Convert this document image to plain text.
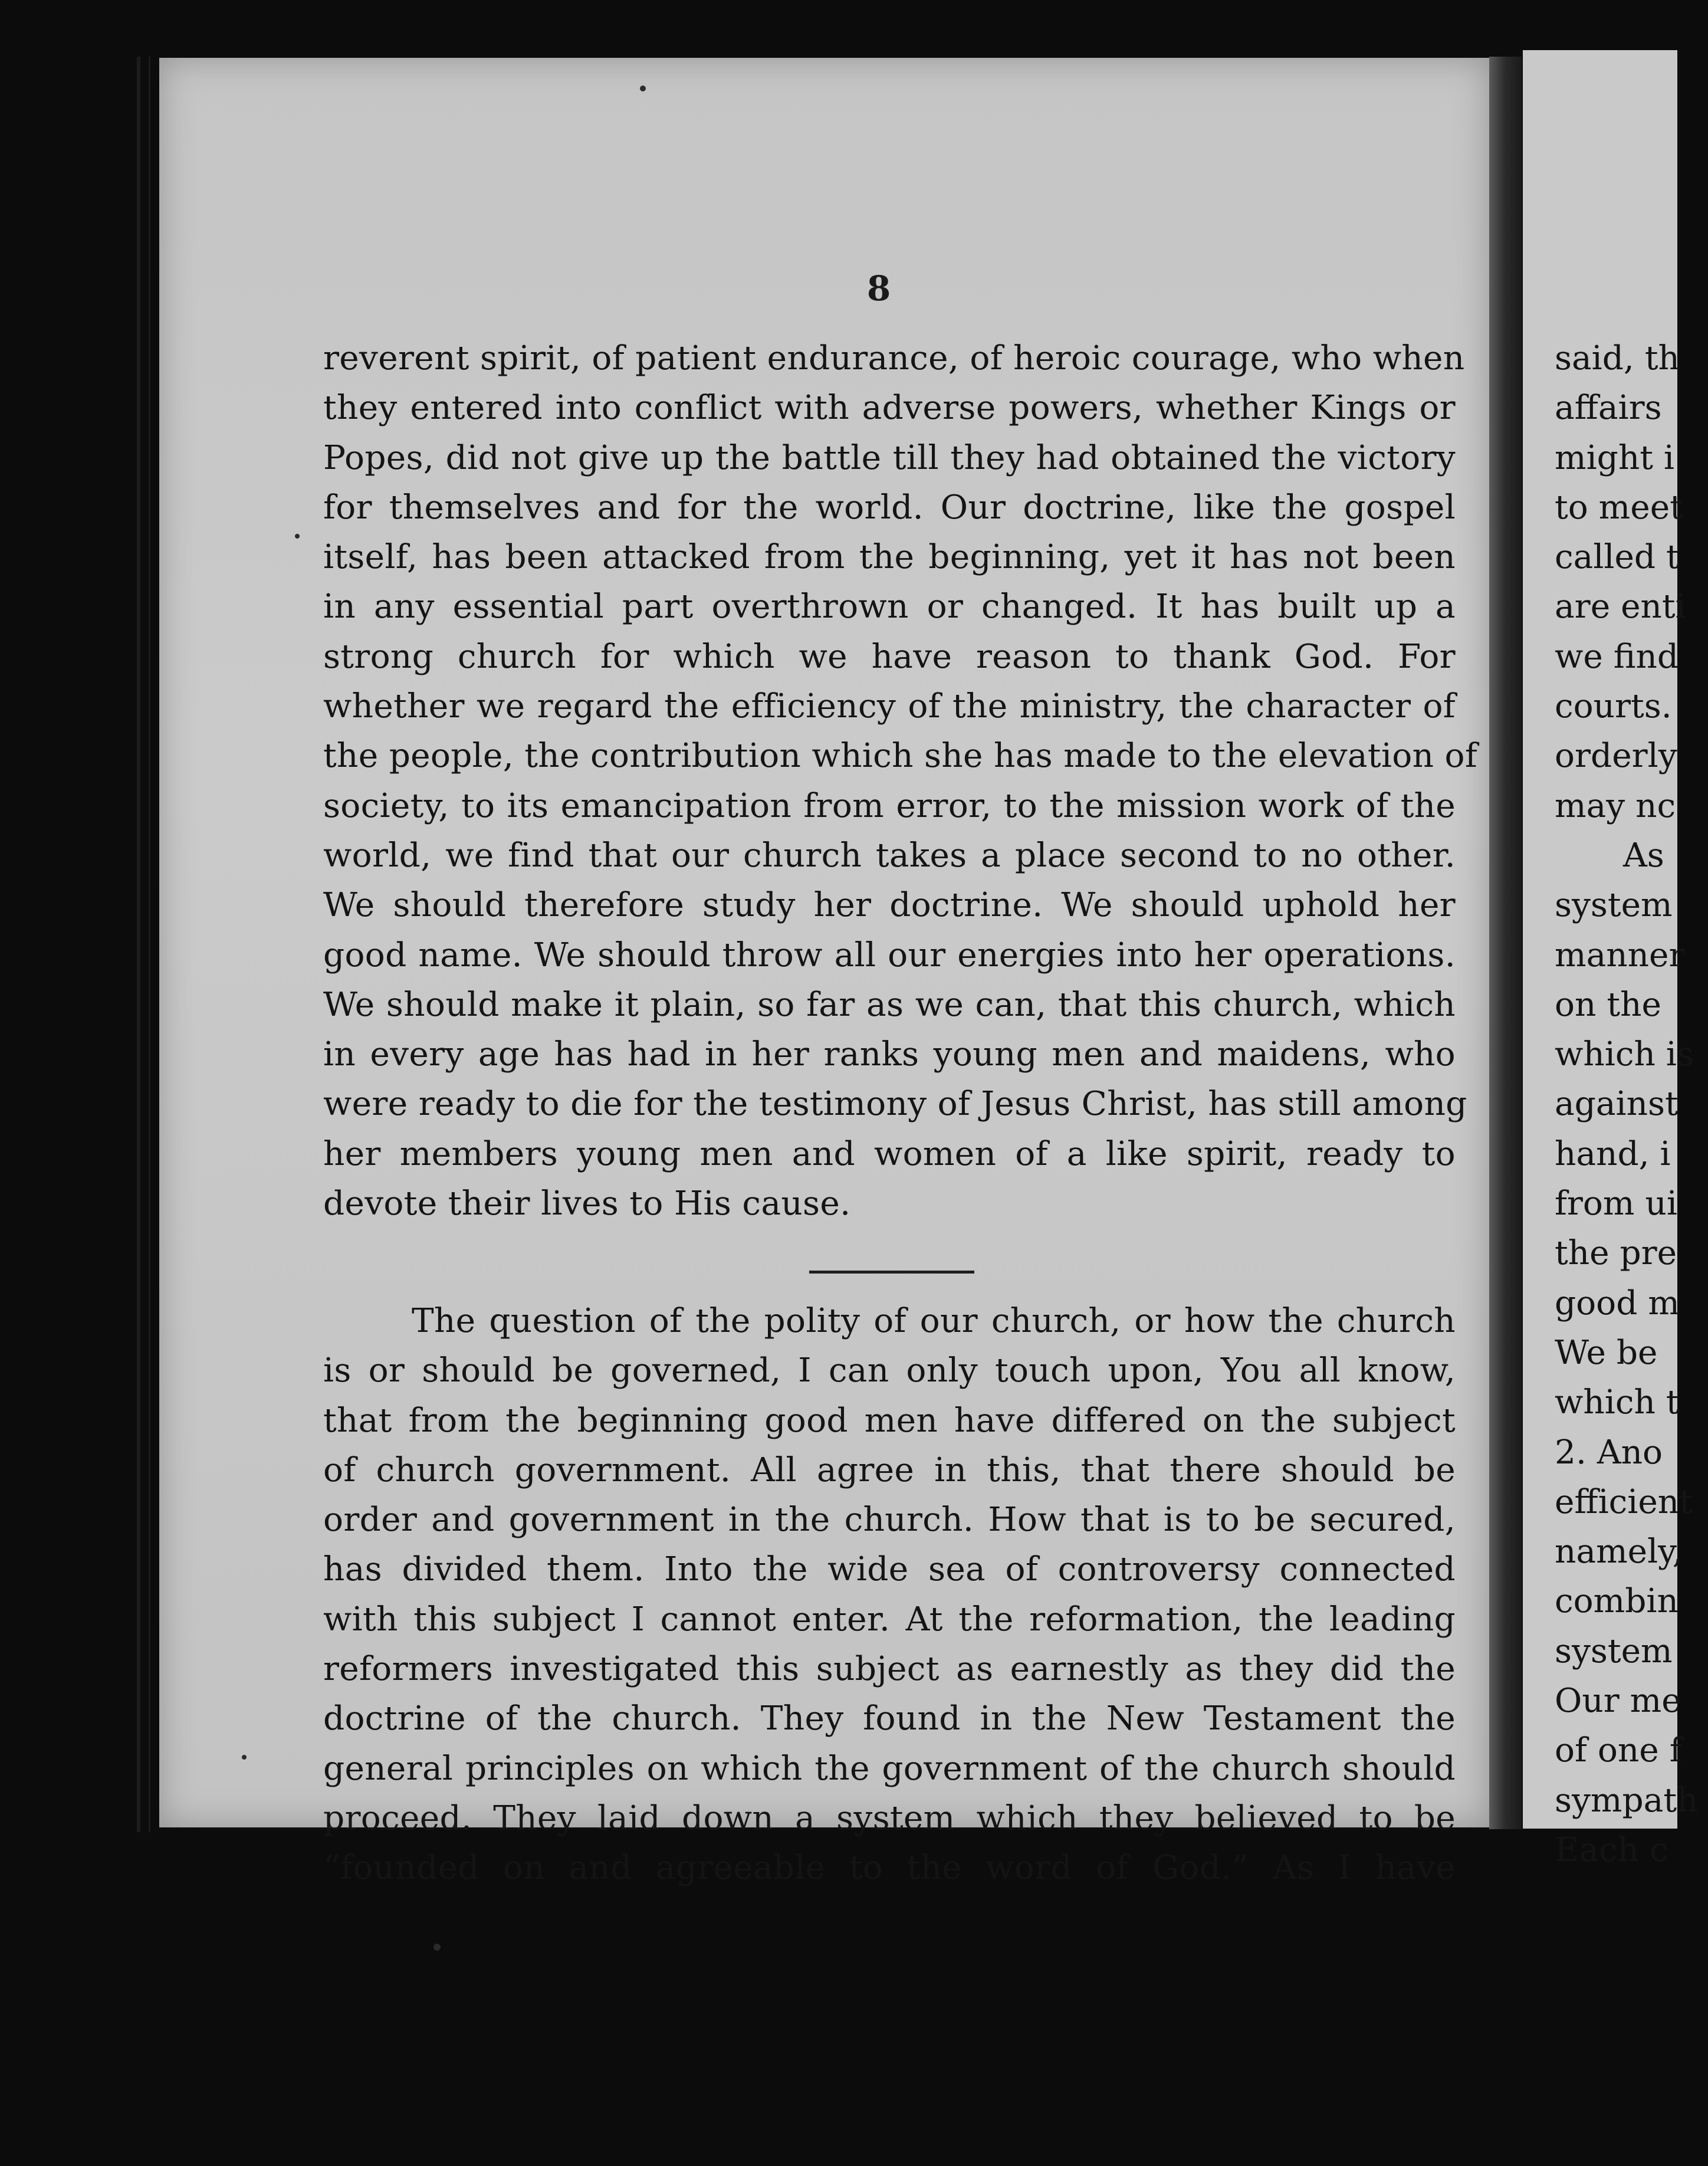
8
reverent spirit, of patient endurance, of heroic courage, who when
they entered into conflict with adverse powers, whether Kings or
Popes, did not give up the battle till they had obtained the victory
for themselves and for the world. Our doctrine, like the gospel
itself, has been attacked from the beginning, yet it has not been
in any essential part overthrown or changed. It has built up a
strong church for which we have reason to thank God. For
whether we regard the efficiency of the ministry, the character of
the people, the contribution which she has made to the elevation of
society, to its emancipation from error, to the mission work of the
world, we find that our church takes a place second to no other.
We should therefore study her doctrine. We should uphold her
good name. We should throw all our energies into her operations.
We should make it plain, so far as we can, that this church, which
in every age has had in her ranks young men and maidens, who
were ready to die for the testimony of Jesus Christ, has still among
her members young men and women of a like spirit, ready to
devote their lives to His cause.
The question of the polity of our church, or how the church
is or should be governed, I can only touch upon, You all know,
that from the beginning good men have differed on the subject
of church government. All agree in this, that there should be
order and government in the church. How that is to be secured,
has divided them. Into the wide sea of controversy connected
with this subject I cannot enter. At the reformation, the leading
reformers investigated this subject as earnestly as they did the
doctrine of the church. They found in the New Testament the
general principles on which the government of the church should
proceed. They laid down a system which they believed to be
“founded on and agreeable to the word of God.” As I have
said, th
affairs
might i
to meet
called t
are enti
we find
courts.
orderly
may nc
As
system
manner
on the
which is
against
hand, i
from ui
the pre
good m
We be
which t
2. Ano
efficient
namely,
combin
system
Our me
of one f
sympath
Each c
